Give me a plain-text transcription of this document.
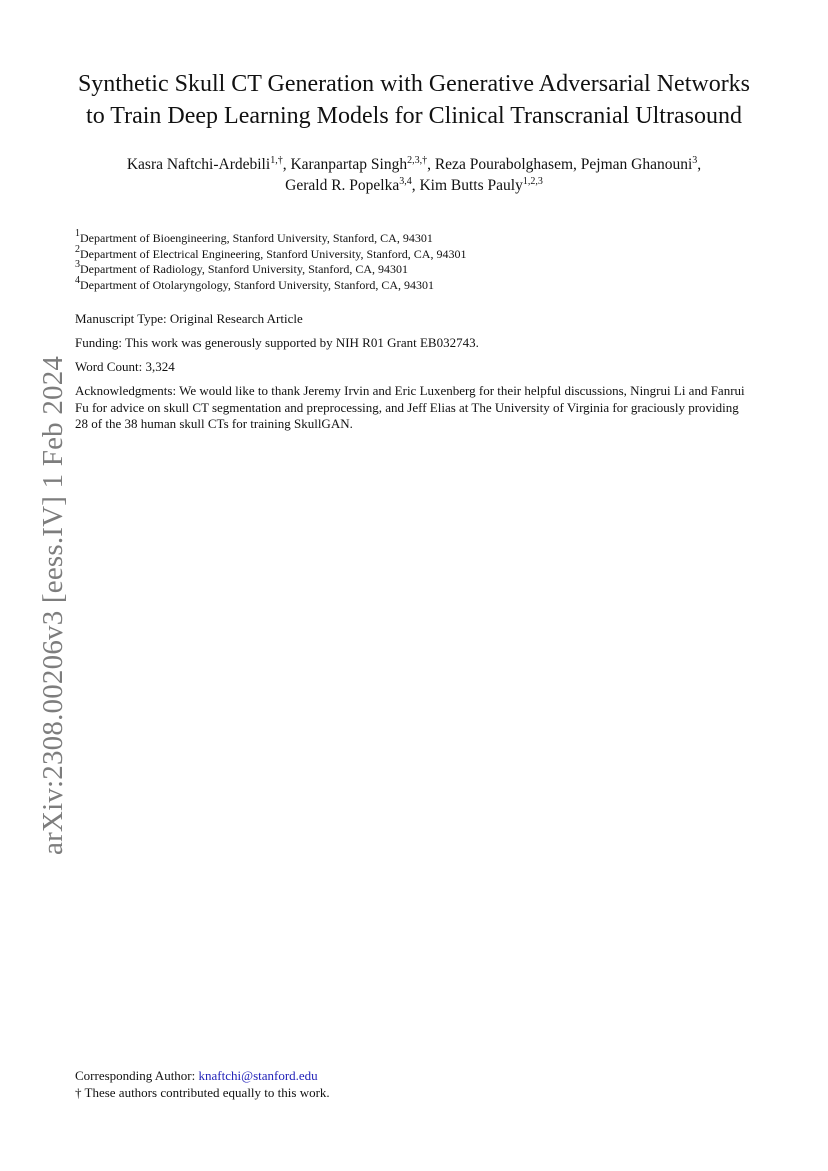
arXiv:2308.00206v3 [eess.IV] 1 Feb 2024
Synthetic Skull CT Generation with Generative Adversarial Networks
to Train Deep Learning Models for Clinical Transcranial Ultrasound
Kasra Naftchi-Ardebili$^{1,\dagger}$, Karanpartap Singh$^{2,3,\dagger}$, Reza Pourabolghasem, Pejman Ghanouni$^3$,
Gerald R. Popelka$^{3,4}$, Kim Butts Pauly$^{1,2,3}$
$^1$Department of Bioengineering, Stanford University, Stanford, CA, 94301
$^2$Department of Electrical Engineering, Stanford University, Stanford, CA, 94301
$^3$Department of Radiology, Stanford University, Stanford, CA, 94301
$^4$Department of Otolaryngology, Stanford University, Stanford, CA, 94301
Manuscript Type: Original Research Article
Funding: This work was generously supported by NIH R01 Grant EB032743.
Word Count: 3,324
Acknowledgments: We would like to thank Jeremy Irvin and Eric Luxenberg for their helpful discussions, Ningrui Li and Fanrui Fu for advice on skull CT segmentation and preprocessing, and Jeff Elias at The University of Virginia for graciously providing 28 of the 38 human skull CTs for training SkullGAN.
Corresponding Author: knaftchi@stanford.edu
† These authors contributed equally to this work.
